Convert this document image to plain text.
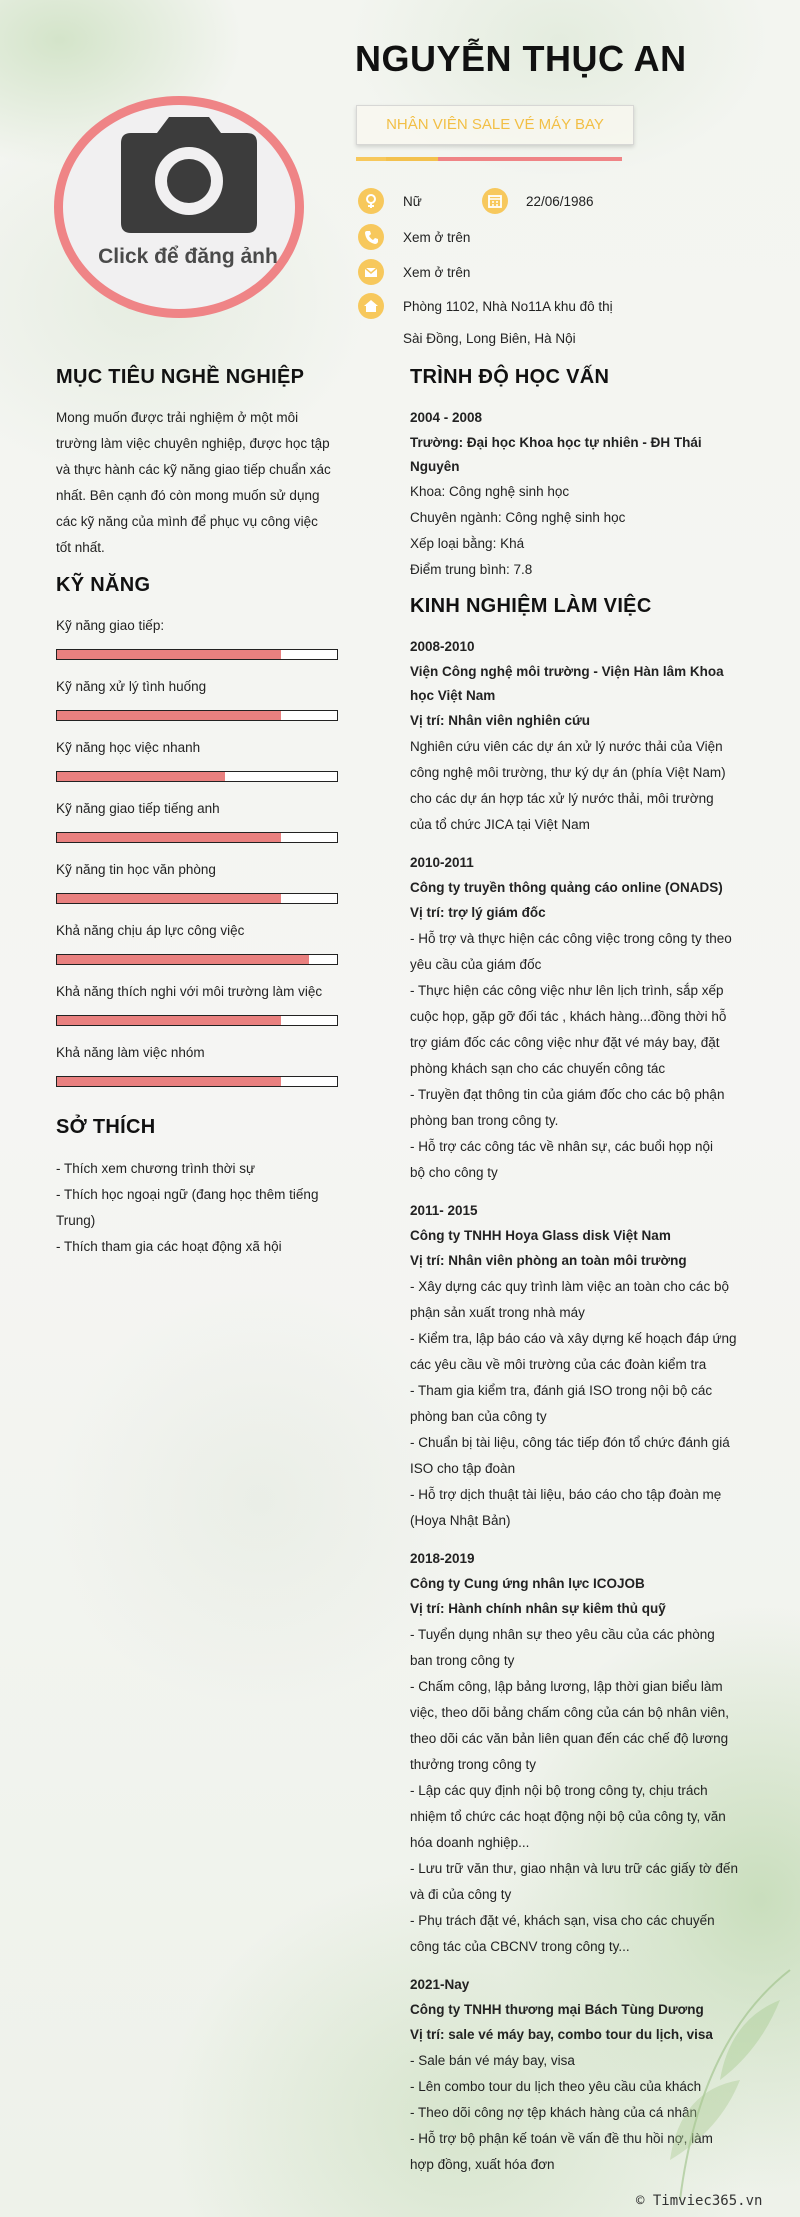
Click để đăng ảnh
NGUYỄN THỤC AN
NHÂN VIÊN SALE VÉ MÁY BAY
Nữ	22/06/1986
Xem ở trên
Xem ở trên
Phòng 1102, Nhà No11A khu đô thị
Sài Đồng, Long Biên, Hà Nội
MỤC TIÊU NGHỀ NGHIỆP
Mong muốn được trải nghiệm ở một môi
trường làm việc chuyên nghiệp, được học tập
và thực hành các kỹ năng giao tiếp chuẩn xác
nhất. Bên cạnh đó còn mong muốn sử dụng
các kỹ năng của mình để phục vụ công việc
tốt nhất.
KỸ NĂNG
Kỹ năng giao tiếp:
Kỹ năng xử lý tình huống
Kỹ năng học việc nhanh
Kỹ năng giao tiếp tiếng anh
Kỹ năng tin học văn phòng
Khả năng chịu áp lực công việc
Khả năng thích nghi với môi trường làm việc
Khả năng làm việc nhóm
SỞ THÍCH
- Thích xem chương trình thời sự
- Thích học ngoại ngữ (đang học thêm tiếng
Trung)
- Thích tham gia các hoạt động xã hội
TRÌNH ĐỘ HỌC VẤN
2004 - 2008
Trường: Đại học Khoa học tự nhiên - ĐH Thái
Nguyên
Khoa: Công nghệ sinh học
Chuyên ngành: Công nghệ sinh học
Xếp loại bằng: Khá
Điểm trung bình: 7.8
KINH NGHIỆM LÀM VIỆC
2008-2010
Viện Công nghệ môi trường - Viện Hàn lâm Khoa
học Việt Nam
Vị trí: Nhân viên nghiên cứu
Nghiên cứu viên các dự án xử lý nước thải của Viện
công nghệ môi trường, thư ký dự án (phía Việt Nam)
cho các dự án hợp tác xử lý nước thải, môi trường
của tổ chức JICA tại Việt Nam
2010-2011
Công ty truyền thông quảng cáo online (ONADS)
Vị trí: trợ lý giám đốc
- Hỗ trợ và thực hiện các công việc trong công ty theo
yêu cầu của giám đốc
- Thực hiện các công việc như lên lịch trình, sắp xếp
cuộc họp, gặp gỡ đối tác , khách hàng...đồng thời hỗ
trợ giám đốc các công việc như đặt vé máy bay, đặt
phòng khách sạn cho các chuyến công tác
- Truyền đạt thông tin của giám đốc cho các bộ phận
phòng ban trong công ty.
- Hỗ trợ các công tác về nhân sự, các buổi họp nội
bộ cho công ty
2011- 2015
Công ty TNHH Hoya Glass disk Việt Nam
Vị trí: Nhân viên phòng an toàn môi trường
- Xây dựng các quy trình làm việc an toàn cho các bộ
phận sản xuất trong nhà máy
- Kiểm tra, lập báo cáo và xây dựng kế hoạch đáp ứng
các yêu cầu về môi trường của các đoàn kiểm tra
- Tham gia kiểm tra, đánh giá ISO trong nội bộ các
phòng ban của công ty
- Chuẩn bị tài liệu, công tác tiếp đón tổ chức đánh giá
ISO cho tập đoàn
- Hỗ trợ dịch thuật tài liệu, báo cáo cho tập đoàn mẹ
(Hoya Nhật Bản)
2018-2019
Công ty Cung ứng nhân lực ICOJOB
Vị trí: Hành chính nhân sự kiêm thủ quỹ
- Tuyển dụng nhân sự theo yêu cầu của các phòng
ban trong công ty
- Chấm công, lập bảng lương, lập thời gian biểu làm
việc, theo dõi bảng chấm công của cán bộ nhân viên,
theo dõi các văn bản liên quan đến các chế độ lương
thưởng trong công ty
- Lập các quy định nội bộ trong công ty, chịu trách
nhiệm tổ chức các hoạt động nội bộ của công ty, văn
hóa doanh nghiệp...
- Lưu trữ văn thư, giao nhận và lưu trữ các giấy tờ đến
và đi của công ty
- Phụ trách đặt vé, khách sạn, visa cho các chuyến
công tác của CBCNV trong công ty...
2021-Nay
Công ty TNHH thương mại Bách Tùng Dương
Vị trí: sale vé máy bay, combo tour du lịch, visa
- Sale bán vé máy bay, visa
- Lên combo tour du lịch theo yêu cầu của khách
- Theo dõi công nợ tệp khách hàng của cá nhân
- Hỗ trợ bộ phận kế toán về vấn đề thu hồi nợ, làm
hợp đồng, xuất hóa đơn
© Timviec365.vn
